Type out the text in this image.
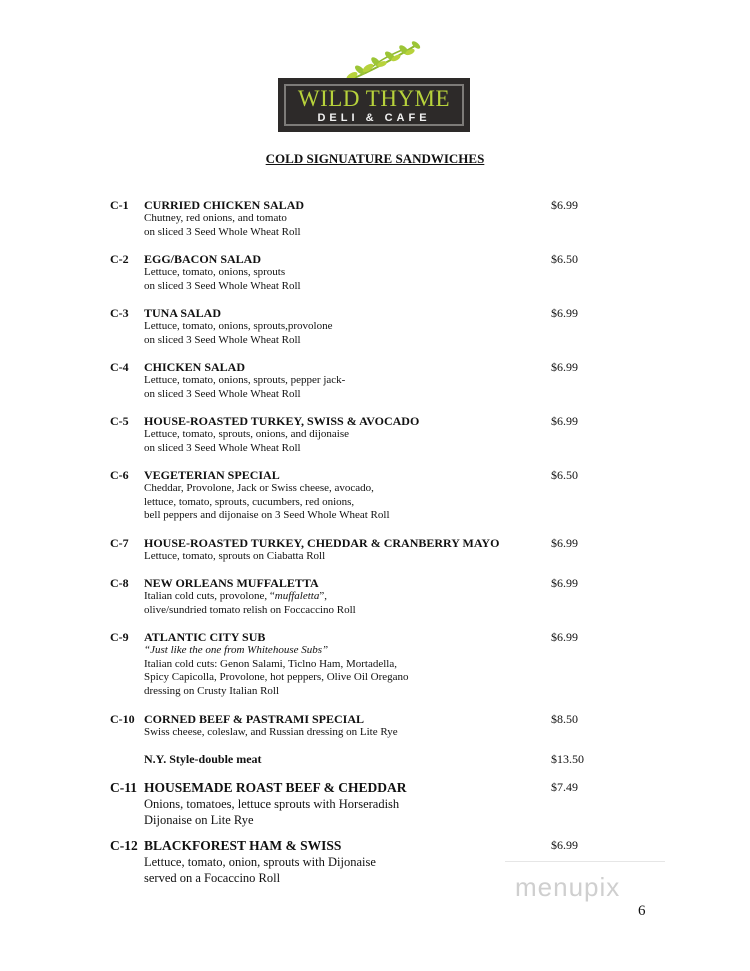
WILD THYME
DELI & CAFE
COLD SIGNUATURE SANDWICHES
C-1 CURRIED CHICKEN SALAD	$6.99
Chutney, red onions, and tomato
on sliced 3 Seed Whole Wheat Roll
C-2 EGG/BACON SALAD	$6.50
Lettuce, tomato, onions, sprouts
on sliced 3 Seed Whole Wheat Roll
C-3 TUNA SALAD	$6.99
Lettuce, tomato, onions, sprouts,provolone
on sliced 3 Seed Whole Wheat Roll
C-4 CHICKEN SALAD	$6.99
Lettuce, tomato, onions, sprouts, pepper jack-
on sliced 3 Seed Whole Wheat Roll
C-5 HOUSE-ROASTED TURKEY, SWISS & AVOCADO	$6.99
Lettuce, tomato, sprouts, onions, and dijonaise
on sliced 3 Seed Whole Wheat Roll
C-6 VEGETERIAN SPECIAL	$6.50
Cheddar, Provolone, Jack or Swiss cheese, avocado,
lettuce, tomato, sprouts, cucumbers, red onions,
bell peppers and dijonaise on 3 Seed Whole Wheat Roll
C-7 HOUSE-ROASTED TURKEY, CHEDDAR & CRANBERRY MAYO	$6.99
Lettuce, tomato, sprouts on Ciabatta Roll
C-8 NEW ORLEANS MUFFALETTA	$6.99
Italian cold cuts, provolone, “muffaletta”,
olive/sundried tomato relish on Foccaccino Roll
C-9 ATLANTIC CITY SUB	$6.99
“Just like the one from Whitehouse Subs”
Italian cold cuts: Genon Salami, Ticlno Ham, Mortadella,
Spicy Capicolla, Provolone, hot peppers, Olive Oil Oregano
dressing on Crusty Italian Roll
C-10 CORNED BEEF & PASTRAMI SPECIAL	$8.50
Swiss cheese, coleslaw, and Russian dressing on Lite Rye
N.Y. Style-double meat	$13.50
C-11 HOUSEMADE ROAST BEEF & CHEDDAR	$7.49
Onions, tomatoes, lettuce sprouts with Horseradish
Dijonaise on Lite Rye
C-12 BLACKFOREST HAM & SWISS	$6.99
Lettuce, tomato, onion, sprouts with Dijonaise
served on a Focaccino Roll	menupix
6
